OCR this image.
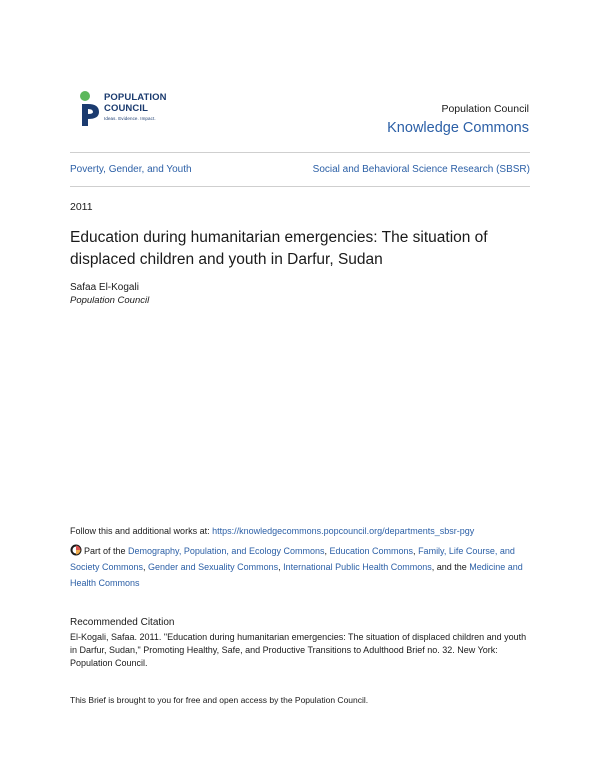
POPULATION
COUNCIL
Ideas. Evidence. Impact.
Population Council
Knowledge Commons
Poverty, Gender, and Youth	Social and Behavioral Science Research (SBSR)
2011
Education during humanitarian emergencies: The situation of displaced children and youth in Darfur, Sudan
Safaa El-Kogali
Population Council
Follow this and additional works at: https://knowledgecommons.popcouncil.org/departments_sbsr-pgy
Part of the Demography, Population, and Ecology Commons, Education Commons, Family, Life Course, and Society Commons, Gender and Sexuality Commons, International Public Health Commons, and the Medicine and Health Commons
Recommended Citation
El-Kogali, Safaa. 2011. "Education during humanitarian emergencies: The situation of displaced children and youth in Darfur, Sudan," Promoting Healthy, Safe, and Productive Transitions to Adulthood Brief no. 32. New York: Population Council.
This Brief is brought to you for free and open access by the Population Council.
